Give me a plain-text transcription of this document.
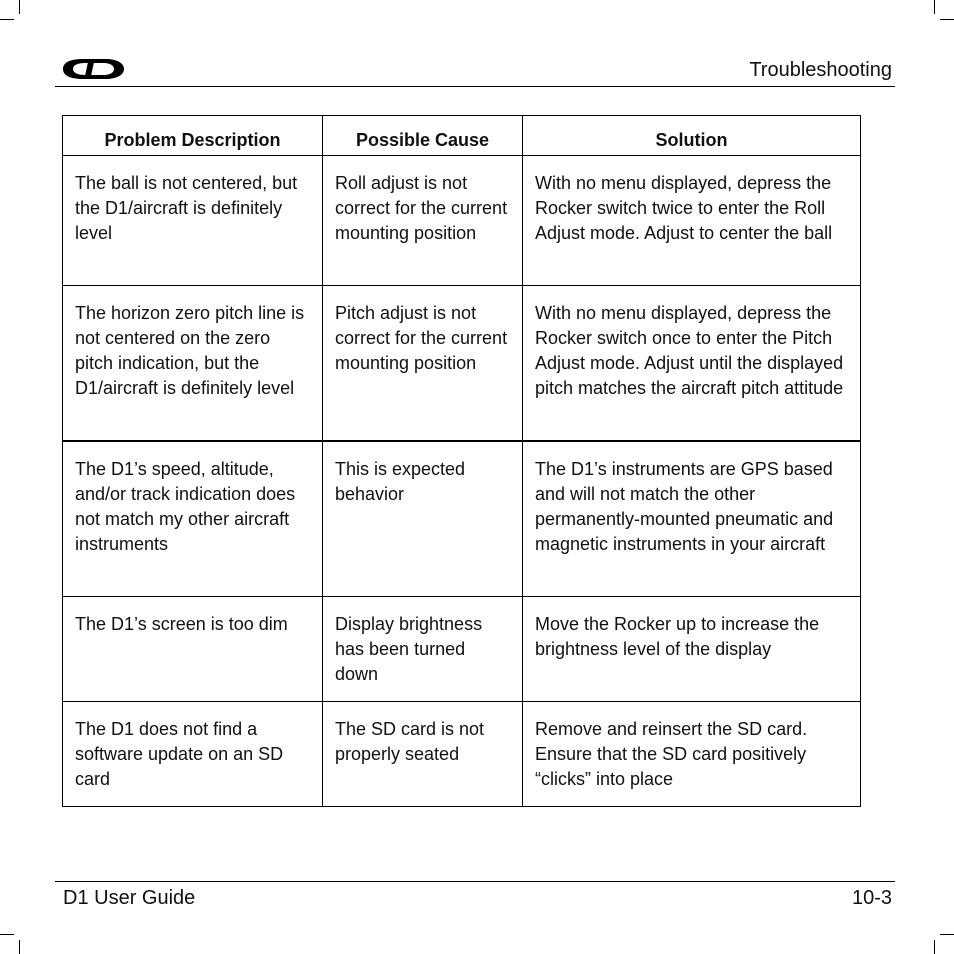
Troubleshooting
Problem Description	Possible Cause	Solution
The ball is not centered, but the D1/aircraft is definitely level	Roll adjust is not correct for the current mounting position	With no menu displayed, depress the Rocker switch twice to enter the Roll Adjust mode. Adjust to center the ball
The horizon zero pitch line is not centered on the zero pitch indication, but the D1/aircraft is definitely level	Pitch adjust is not correct for the current mounting position	With no menu displayed, depress the Rocker switch once to enter the Pitch Adjust mode. Adjust until the displayed pitch matches the aircraft pitch attitude
The D1’s speed, altitude, and/or track indication does not match my other aircraft instruments	This is expected behavior	The D1’s instruments are GPS based and will not match the other permanently-mounted pneumatic and magnetic instruments in your aircraft
The D1’s screen is too dim	Display brightness has been turned down	Move the Rocker up to increase the brightness level of the display
The D1 does not find a software update on an SD card	The SD card is not properly seated	Remove and reinsert the SD card. Ensure that the SD card positively “clicks” into place
D1 User Guide	10-3
